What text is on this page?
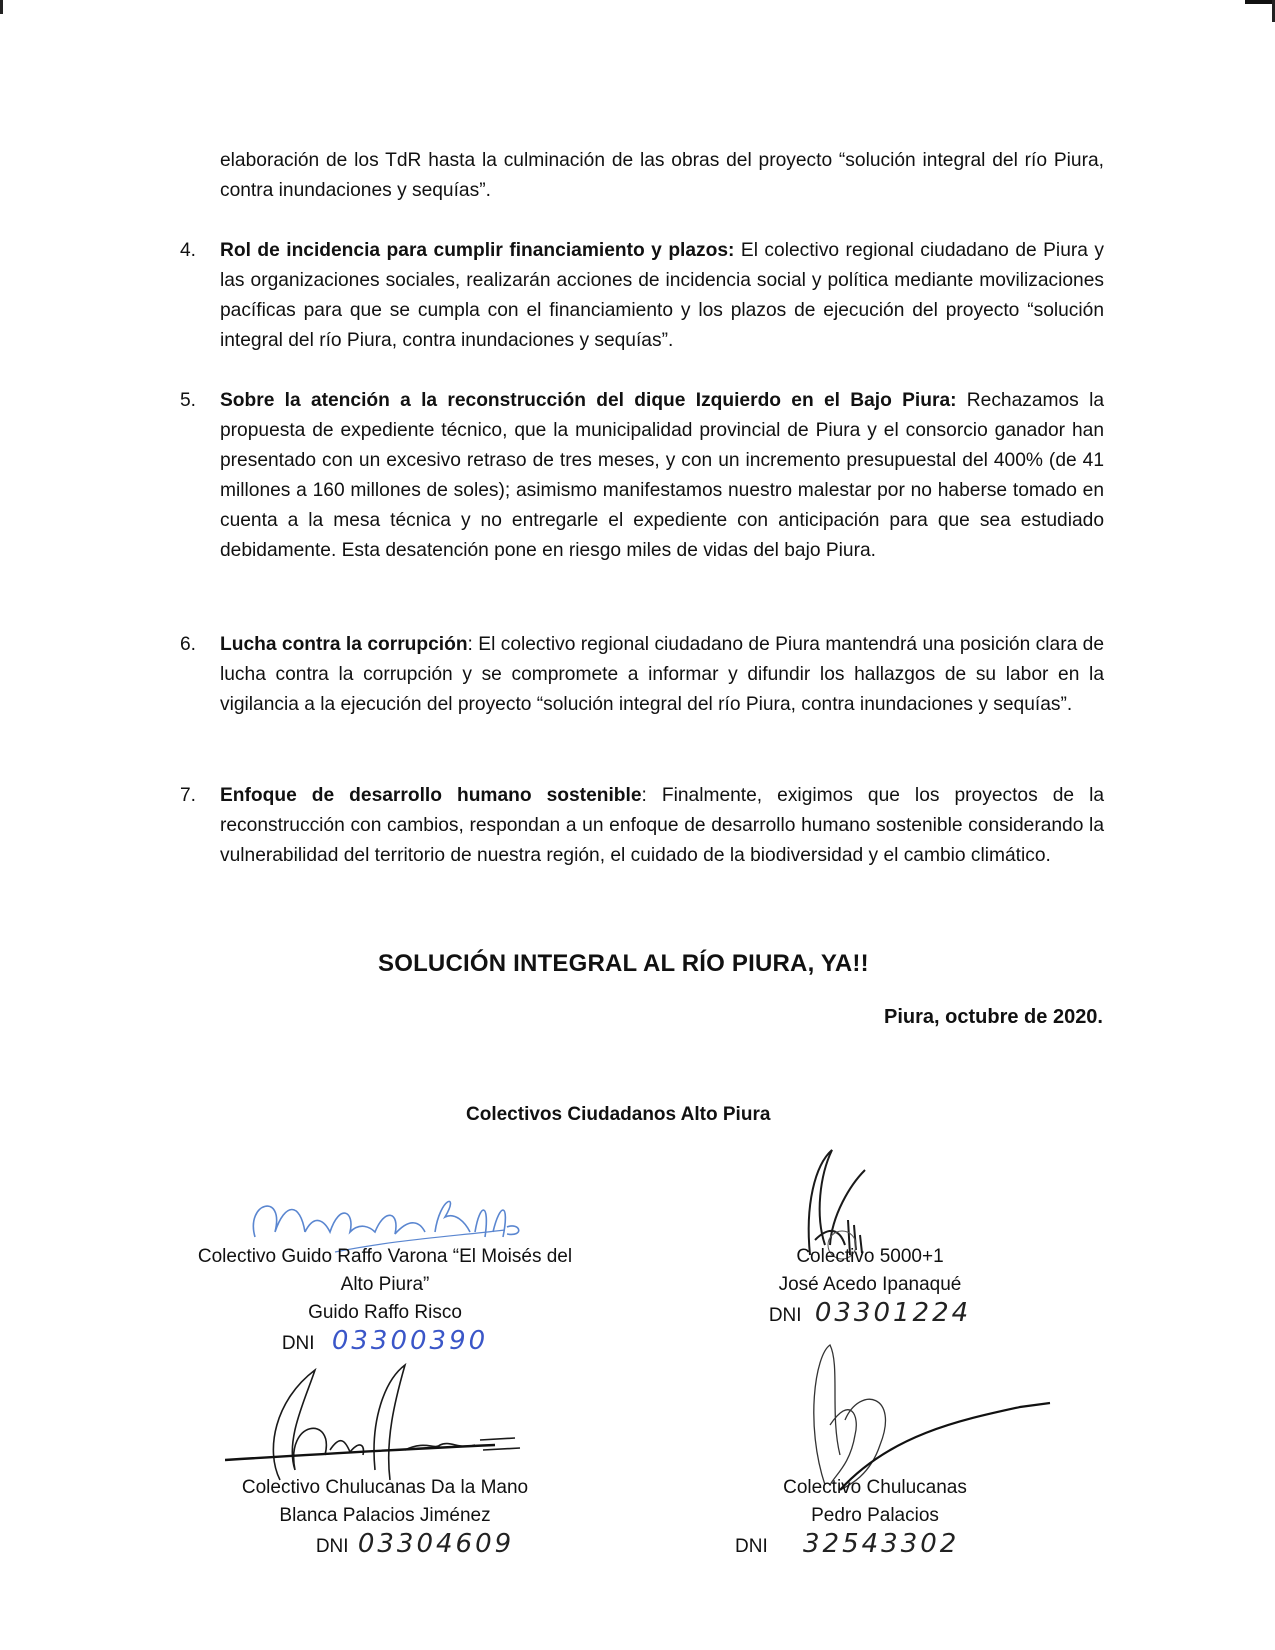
elaboración de los TdR hasta la culminación de las obras del proyecto “solución integral del río Piura, contra inundaciones y sequías”.
4.	Rol de incidencia para cumplir financiamiento y plazos: El colectivo regional ciudadano de Piura y las organizaciones sociales, realizarán acciones de incidencia social y política mediante movilizaciones pacíficas para que se cumpla con el financiamiento y los plazos de ejecución del proyecto “solución integral del río Piura, contra inundaciones y sequías”.
5.	Sobre la atención a la reconstrucción del dique Izquierdo en el Bajo Piura: Rechazamos la propuesta de expediente técnico, que la municipalidad provincial de Piura y el consorcio ganador han presentado con un excesivo retraso de tres meses, y con un incremento presupuestal del 400% (de 41 millones a 160 millones de soles); asimismo manifestamos nuestro malestar por no haberse tomado en cuenta a la mesa técnica y no entregarle el expediente con anticipación para que sea estudiado debidamente. Esta desatención pone en riesgo miles de vidas del bajo Piura.
6.	Lucha contra la corrupción: El colectivo regional ciudadano de Piura mantendrá una posición clara de lucha contra la corrupción y se compromete a informar y difundir los hallazgos de su labor en la vigilancia a la ejecución del proyecto “solución integral del río Piura, contra inundaciones y sequías”.
7.	Enfoque de desarrollo humano sostenible: Finalmente, exigimos que los proyectos de la reconstrucción con cambios, respondan a un enfoque de desarrollo humano sostenible considerando la vulnerabilidad del territorio de nuestra región, el cuidado de la biodiversidad y el cambio climático.
SOLUCIÓN INTEGRAL AL RÍO PIURA, YA!!
Piura, octubre de 2020.
Colectivos Ciudadanos Alto Piura
Colectivo Guido Raffo Varona “El Moisés del
Alto Piura”
Guido Raffo Risco
DNI 03300390
Colectivo 5000+1
José Acedo Ipanaqué
DNI 03301224
Colectivo Chulucanas Da la Mano
Blanca Palacios Jiménez
DNI 03304609
Colectivo Chulucanas
Pedro Palacios
DNI 32543302
